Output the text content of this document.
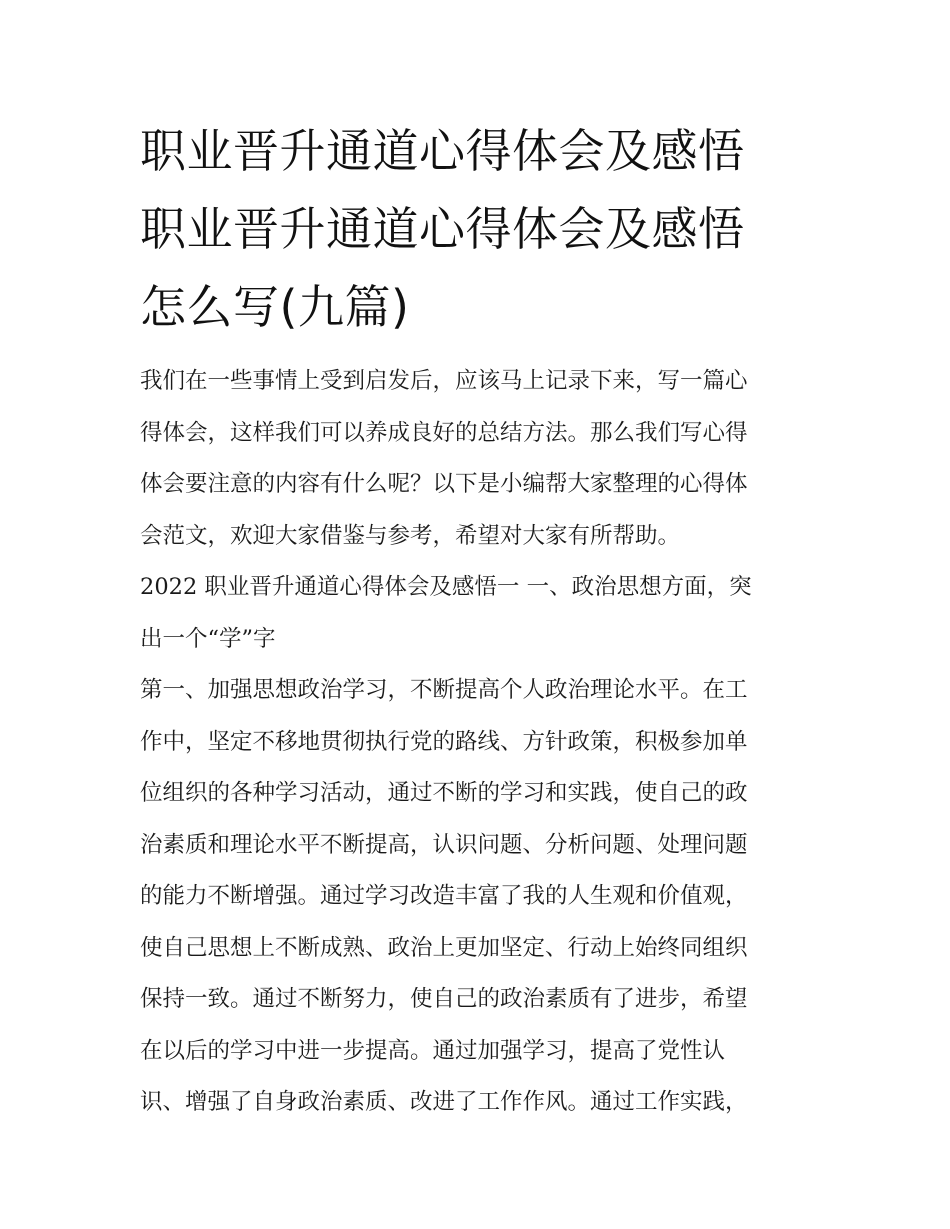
职业晋升通道心得体会及感悟
职业晋升通道心得体会及感悟
怎么写(九篇)

我们在一些事情上受到启发后，应该马上记录下来，写一篇心
得体会，这样我们可以养成良好的总结方法。那么我们写心得
体会要注意的内容有什么呢？以下是小编帮大家整理的心得体
会范文，欢迎大家借鉴与参考，希望对大家有所帮助。

2022 职业晋升通道心得体会及感悟一 一、政治思想方面，突
出一个“学”字

第一、加强思想政治学习，不断提高个人政治理论水平。在工
作中，坚定不移地贯彻执行党的路线、方针政策，积极参加单
位组织的各种学习活动，通过不断的学习和实践，使自己的政
治素质和理论水平不断提高，认识问题、分析问题、处理问题
的能力不断增强。通过学习改造丰富了我的人生观和价值观，
使自己思想上不断成熟、政治上更加坚定、行动上始终同组织
保持一致。通过不断努力，使自己的政治素质有了进步，希望
在以后的学习中进一步提高。通过加强学习，提高了党性认
识、增强了自身政治素质、改进了工作作风。通过工作实践，
